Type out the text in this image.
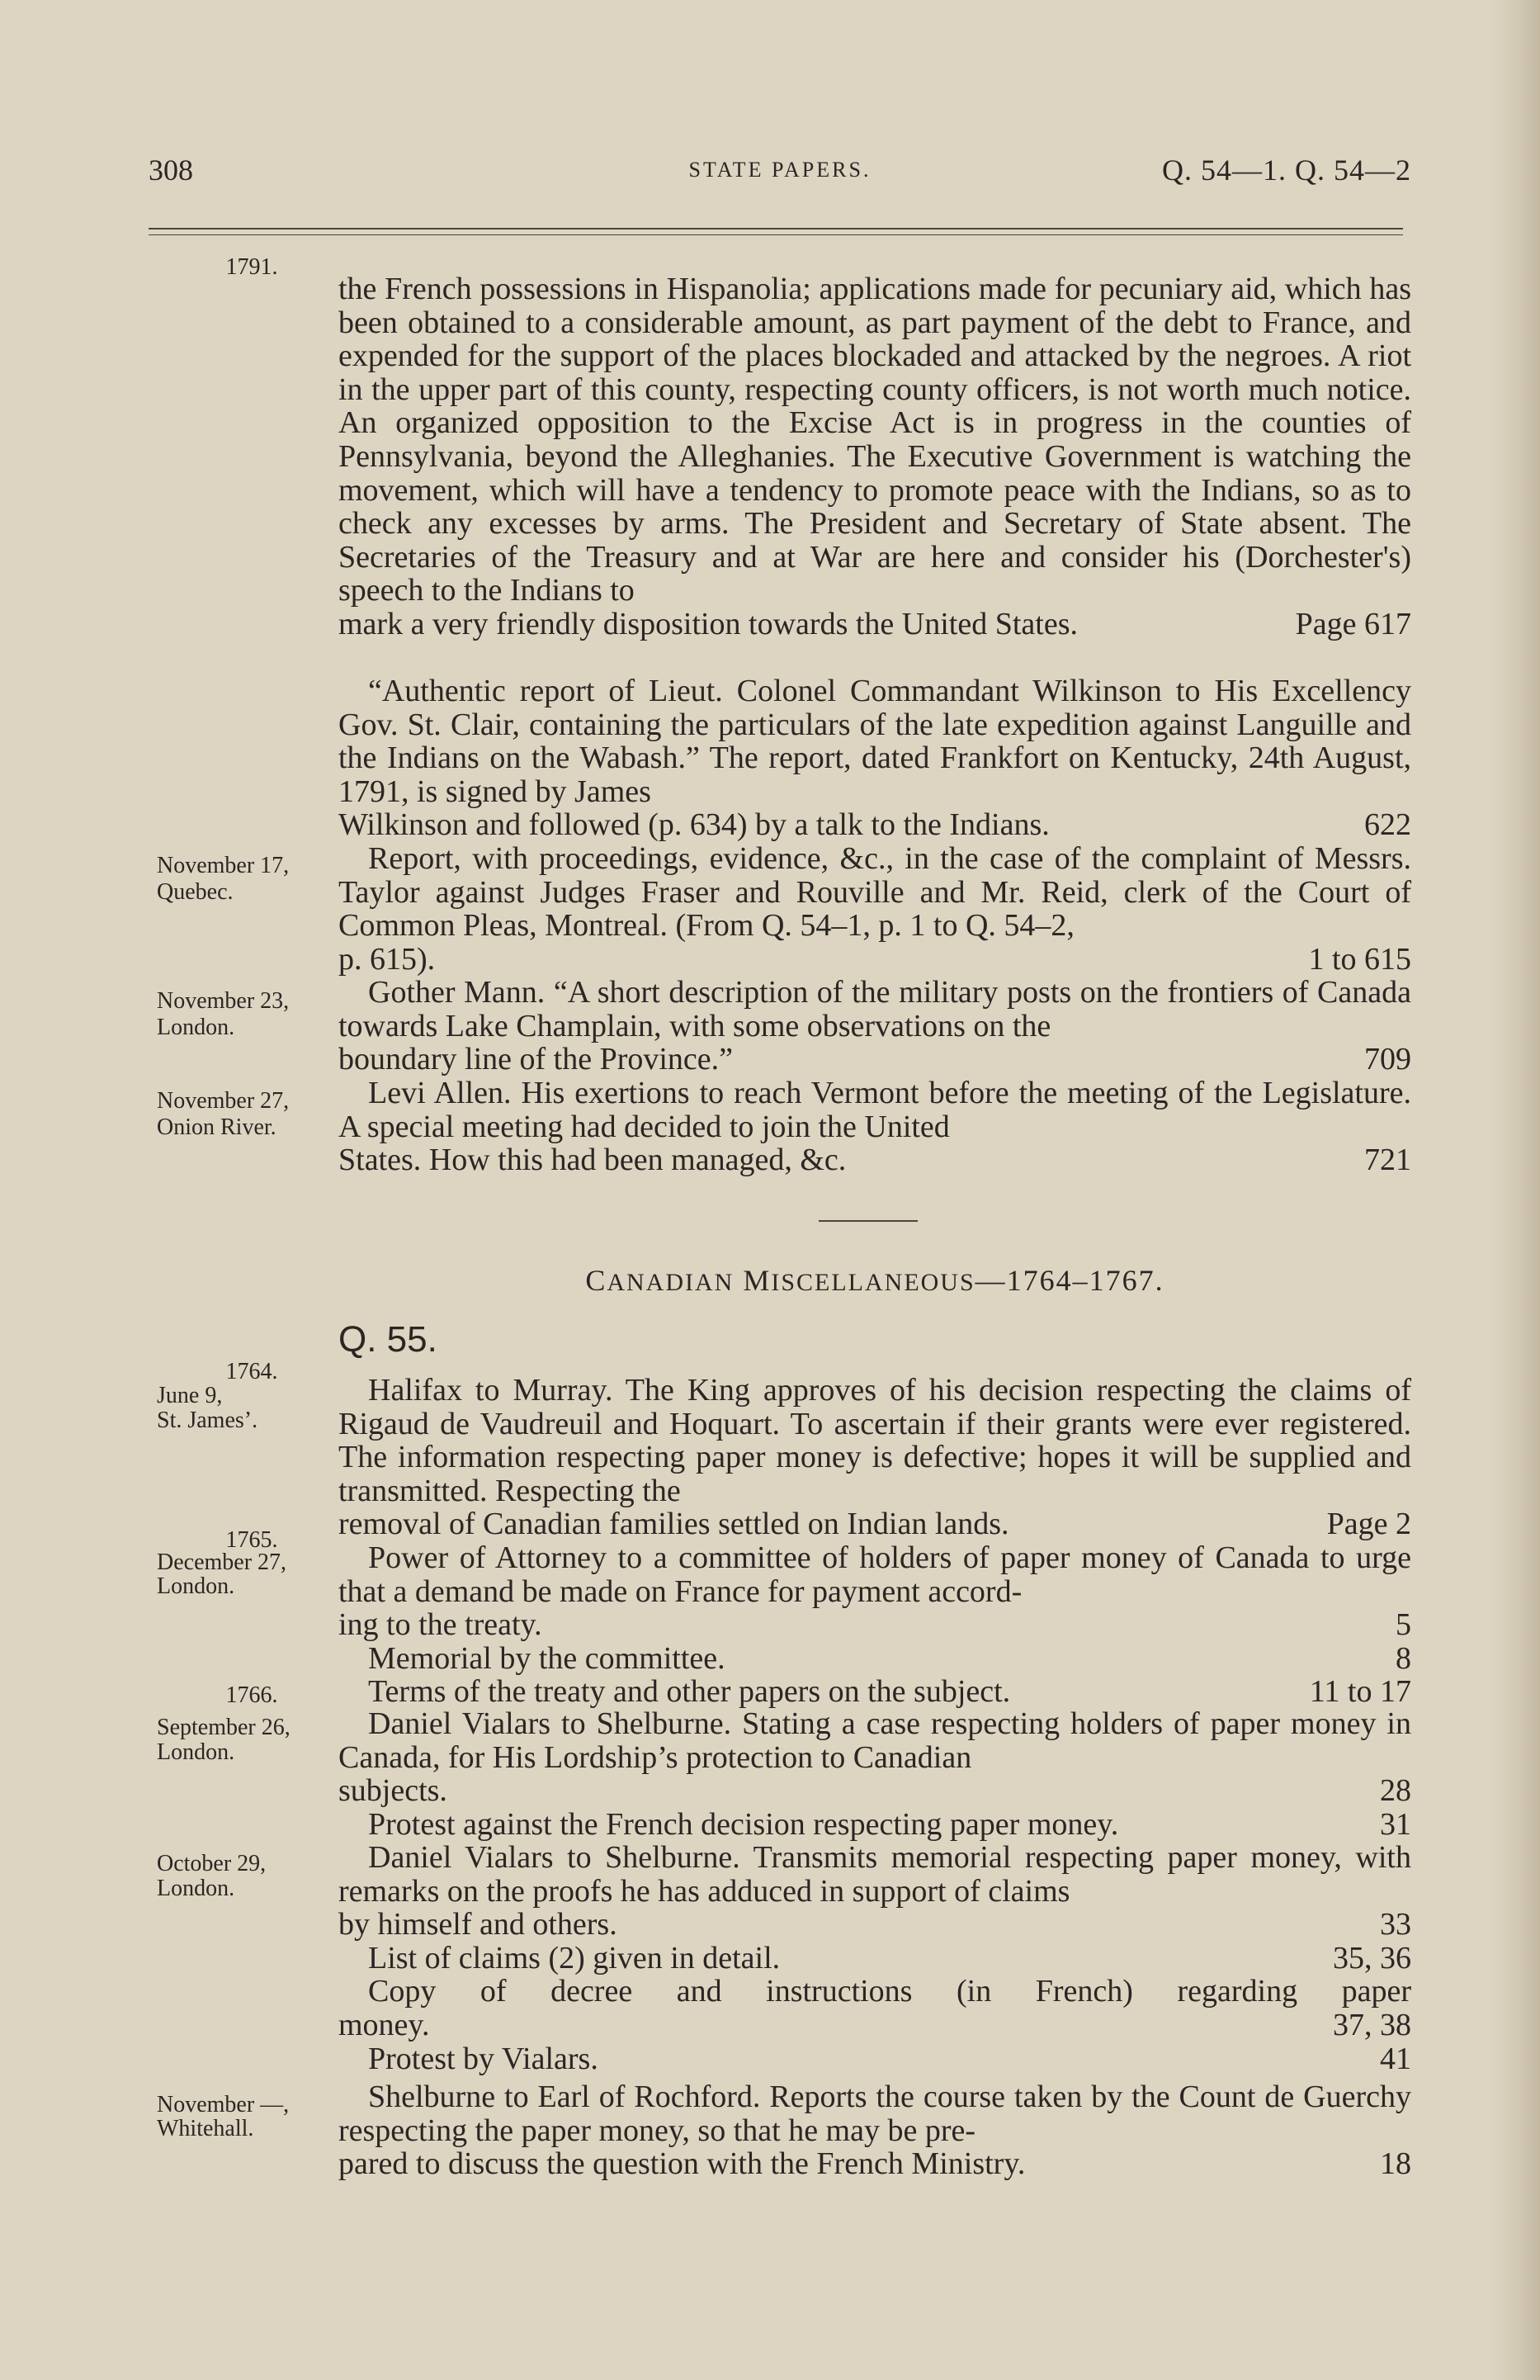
308	STATE PAPERS.	Q. 54—1. Q. 54—2
1791.
the French possessions in Hispanolia; applications made for pecuniary aid, which has been obtained to a considerable amount, as part payment of the debt to France, and expended for the support of the places blockaded and attacked by the negroes. A riot in the upper part of this county, respecting county officers, is not worth much notice. An organized opposition to the Excise Act is in progress in the counties of Pennsylvania, beyond the Alleghanies. The Executive Government is watching the movement, which will have a tendency to promote peace with the Indians, so as to check any excesses by arms. The President and Secretary of State absent. The Secretaries of the Treasury and at War are here and consider his (Dorchester's) speech to the Indians to
mark a very friendly disposition towards the United States.	Page 617
“Authentic report of Lieut. Colonel Commandant Wilkinson to His Excellency Gov. St. Clair, containing the particulars of the late expedition against Languille and the Indians on the Wabash.” The report, dated Frankfort on Kentucky, 24th August, 1791, is signed by James
Wilkinson and followed (p. 634) by a talk to the Indians.	622
November 17,
Quebec.
Report, with proceedings, evidence, &c., in the case of the complaint of Messrs. Taylor against Judges Fraser and Rouville and Mr. Reid, clerk of the Court of Common Pleas, Montreal. (From Q. 54–1, p. 1 to Q. 54–2,
p. 615).	1 to 615
November 23,
London.
Gother Mann. “A short description of the military posts on the frontiers of Canada towards Lake Champlain, with some observations on the
boundary line of the Province.”	709
November 27,
Onion River.
Levi Allen. His exertions to reach Vermont before the meeting of the Legislature. A special meeting had decided to join the United
States. How this had been managed, &c.	721
CANADIAN MISCELLANEOUS—1764–1767.
Q. 55.
1764.
June 9,
St. James’.
Halifax to Murray. The King approves of his decision respecting the claims of Rigaud de Vaudreuil and Hoquart. To ascertain if their grants were ever registered. The information respecting paper money is defective; hopes it will be supplied and transmitted. Respecting the
removal of Canadian families settled on Indian lands.	Page 2
1765.
December 27,
London.
Power of Attorney to a committee of holders of paper money of Canada to urge that a demand be made on France for payment accord-
ing to the treaty.	5
Memorial by the committee.	8
Terms of the treaty and other papers on the subject.	11 to 17
1766.
September 26,
London.
Daniel Vialars to Shelburne. Stating a case respecting holders of paper money in Canada, for His Lordship’s protection to Canadian
subjects.	28
Protest against the French decision respecting paper money.	31
October 29,
London.
Daniel Vialars to Shelburne. Transmits memorial respecting paper money, with remarks on the proofs he has adduced in support of claims
by himself and others.	33
List of claims (2) given in detail.	35, 36
Copy of decree and instructions (in French) regarding paper
money.	37, 38
Protest by Vialars.	41
November —,
Whitehall.
Shelburne to Earl of Rochford. Reports the course taken by the Count de Guerchy respecting the paper money, so that he may be pre-
pared to discuss the question with the French Ministry.	18
